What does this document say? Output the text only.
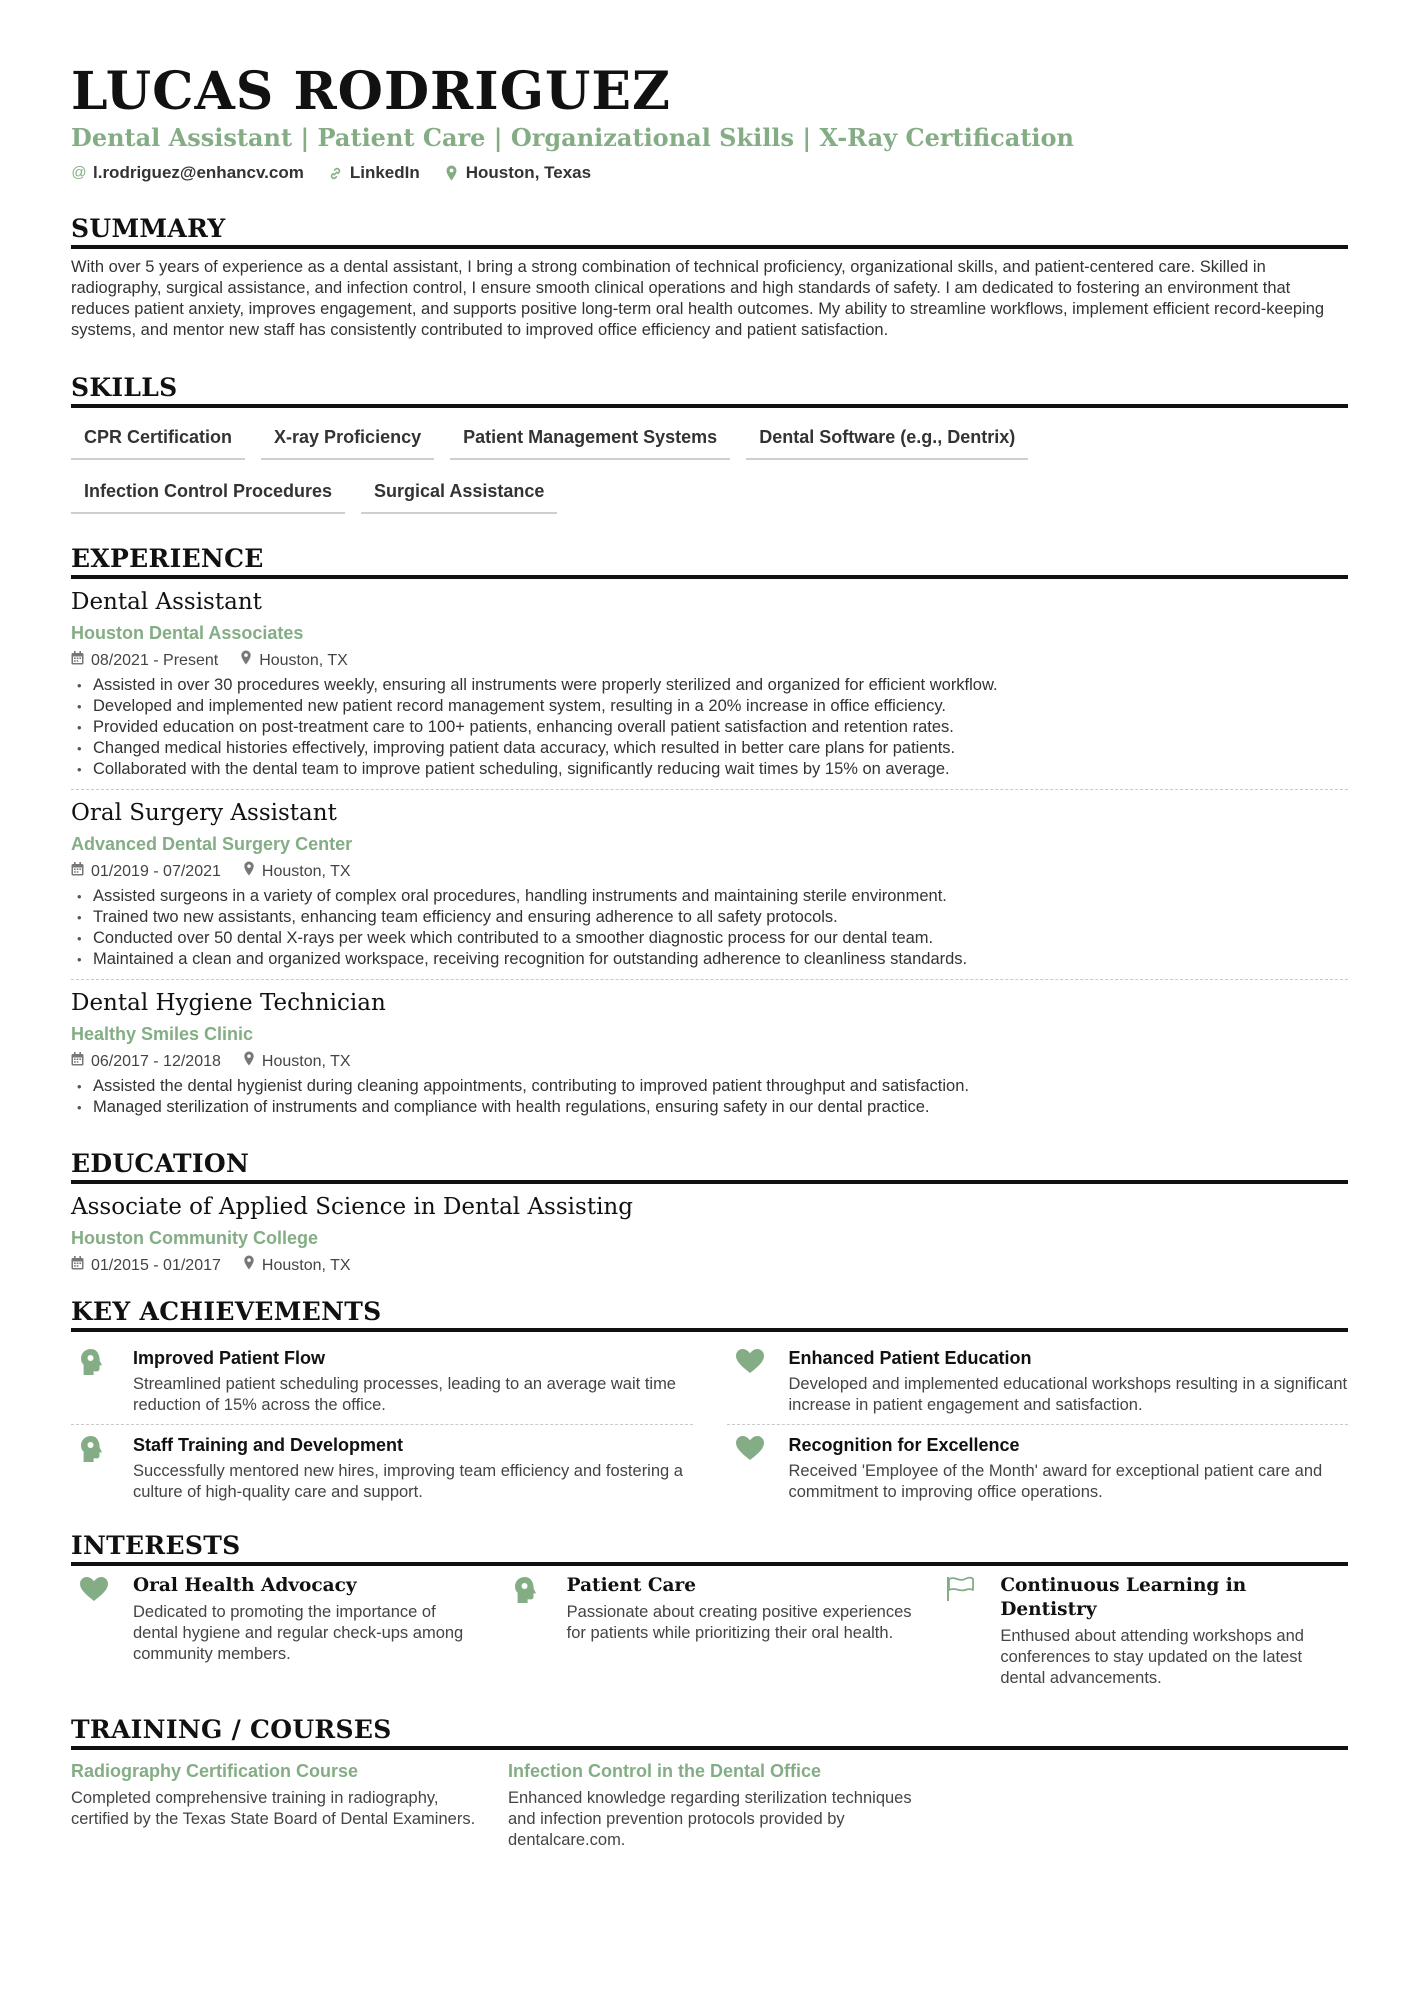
LUCAS RODRIGUEZ
Dental Assistant | Patient Care | Organizational Skills | X-Ray Certification
@ l.rodriguez@enhancv.com	LinkedIn	Houston, Texas
SUMMARY

With over 5 years of experience as a dental assistant, I bring a strong combination of technical proficiency, organizational skills, and patient-centered care. Skilled in radiography, surgical assistance, and infection control, I ensure smooth clinical operations and high standards of safety. I am dedicated to fostering an environment that reduces patient anxiety, improves engagement, and supports positive long-term oral health outcomes. My ability to streamline workflows, implement efficient record-keeping systems, and mentor new staff has consistently contributed to improved office efficiency and patient satisfaction.

SKILLS
CPR Certification	X-ray Proficiency	Patient Management Systems	Dental Software (e.g., Dentrix)
Infection Control Procedures	Surgical Assistance
EXPERIENCE
Dental Assistant
Houston Dental Associates
08/2021 - Present	Houston, TX
• Assisted in over 30 procedures weekly, ensuring all instruments were properly sterilized and organized for efficient workflow.
• Developed and implemented new patient record management system, resulting in a 20% increase in office efficiency.
• Provided education on post-treatment care to 100+ patients, enhancing overall patient satisfaction and retention rates.
• Changed medical histories effectively, improving patient data accuracy, which resulted in better care plans for patients.
• Collaborated with the dental team to improve patient scheduling, significantly reducing wait times by 15% on average.
Oral Surgery Assistant
Advanced Dental Surgery Center
01/2019 - 07/2021	Houston, TX
• Assisted surgeons in a variety of complex oral procedures, handling instruments and maintaining sterile environment.
• Trained two new assistants, enhancing team efficiency and ensuring adherence to all safety protocols.
• Conducted over 50 dental X-rays per week which contributed to a smoother diagnostic process for our dental team.
• Maintained a clean and organized workspace, receiving recognition for outstanding adherence to cleanliness standards.
Dental Hygiene Technician
Healthy Smiles Clinic
06/2017 - 12/2018	Houston, TX
• Assisted the dental hygienist during cleaning appointments, contributing to improved patient throughput and satisfaction.
• Managed sterilization of instruments and compliance with health regulations, ensuring safety in our dental practice.
EDUCATION
Associate of Applied Science in Dental Assisting
Houston Community College
01/2015 - 01/2017	Houston, TX
KEY ACHIEVEMENTS
Improved Patient Flow
Streamlined patient scheduling processes, leading to an average wait time reduction of 15% across the office.
Enhanced Patient Education
Developed and implemented educational workshops resulting in a significant increase in patient engagement and satisfaction.
Staff Training and Development
Successfully mentored new hires, improving team efficiency and fostering a culture of high-quality care and support.
Recognition for Excellence
Received 'Employee of the Month' award for exceptional patient care and commitment to improving office operations.
INTERESTS
Oral Health Advocacy
Dedicated to promoting the importance of dental hygiene and regular check-ups among community members.
Patient Care
Passionate about creating positive experiences for patients while prioritizing their oral health.
Continuous Learning in Dentistry
Enthused about attending workshops and conferences to stay updated on the latest dental advancements.
TRAINING / COURSES
Radiography Certification Course
Completed comprehensive training in radiography, certified by the Texas State Board of Dental Examiners.
Infection Control in the Dental Office
Enhanced knowledge regarding sterilization techniques and infection prevention protocols provided by dentalcare.com.
